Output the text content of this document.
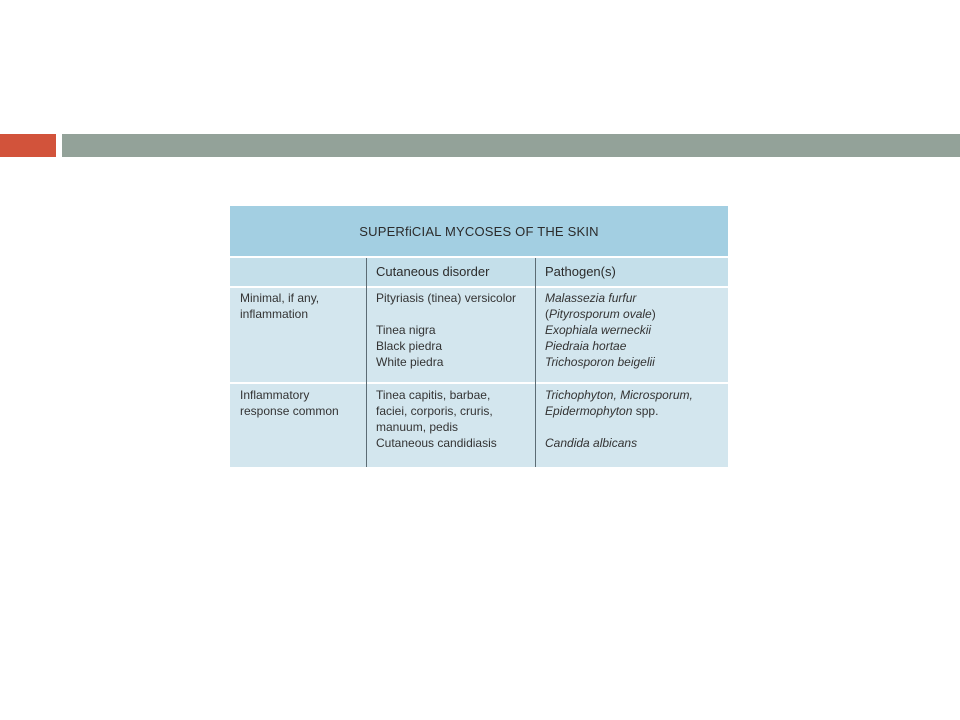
SUPERfiCIAL MYCOSES OF THE SKIN
Cutaneous disorder	Pathogen(s)
Minimal, if any,
inflammation
Pityriasis (tinea) versicolor
Tinea nigra
Black piedra
White piedra
Malassezia furfur
(Pityrosporum ovale)
Exophiala werneckii
Piedraia hortae
Trichosporon beigelii
Inflammatory
response common
Tinea capitis, barbae,
faciei, corporis, cruris,
manuum, pedis
Cutaneous candidiasis
Trichophyton, Microsporum,
Epidermophyton spp.
Candida albicans
